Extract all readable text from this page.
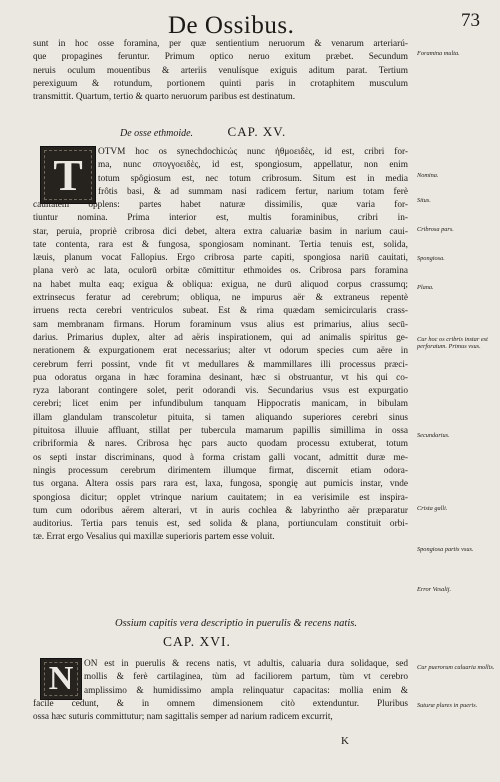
De Ossibus.	73
sunt in hoc osse foramina, per quæ sentientium neruorum & venarum arteriarú-
que propagines feruntur. Primum optico neruo exitum præbet. Secundum
neruis oculum mouentibus & arteriis venulísque exiguis aditum parat. Tertium
perexiguum & rotundum, portionem quinti paris in crotaphitem musculum
transmittit. Quartum, tertio & quarto neruorum paribus est destinatum.
De osse ethmoide.	CAP. XV.
T OTVM hoc os synechdochicώς nunc ἠθμοειδὲς, id est, cribri for-
ma, nunc σπογγοειδὲς, id est, spongiosum, appellatur, non enim
totum spôgiosum est, nec totum cribrosum. Situm est in media
frôtis basi, & ad summam nasi radicem fertur, narium totam ferè
cauitatem opplens: partes habet naturæ dissimilis, quæ varia for-
tiuntur nomina. Prima interior est, multis foraminibus, cribri in-
star, peruia, propriè cribrosa dici debet, altera extra caluariæ basim in narium caui-
tate contenta, rara est & fungosa, spongiosam nominant. Tertia tenuis est, solida,
læuis, planum vocat Fallopius. Ergo cribrosa parte capiti, spongiosa nariū cauitati,
plana verò ac lata, oculorū orbitæ cōmittitur ethmoides os. Cribrosa pars foramina
na habet multa eaq; exigua & obliqua: exigua, ne durū aliquod corpus crassumq;
extrinsecus feratur ad cerebrum; obliqua, ne impurus aër & extraneus repentè
irruens recta cerebri ventriculos subeat. Est & rima quædam semicircularis crass-
sam membranam firmans. Horum foraminum vsus alius est primarius, alius secū-
darius. Primarius duplex, alter ad aëris inspirationem, qui ad animalis spiritus ge-
nerationem & expurgationem erat necessarius; alter vt odorum species cum aëre in
cerebrum ferri possint, vnde fit vt medullares & mammillares illi processus præci-
pua odoratus organa in hæc foramina desinant, hæc si obstruantur, vt his qui co-
ryza laborant contingere solet, perit odorandi vis. Secundarius vsus est expurgatio
cerebri; licet enim per infundibulum tanquam Hippocratis manicam, in bibulam
illam glandulam transcoletur pituita, si tamen aliquando superiores cerebri sinus
pituitosa illuuie affluant, stillat per tubercula mamarum papillis simillima in ossa
cribriformia & nares. Cribrosa hęc pars aucto quodam processu extuberat, totum
os septi instar discriminans, quod à forma cristam galli vocant, admittit duræ me-
ningis processum cerebrum dirimentem illumque firmat, discernit etiam odora-
tus organa. Altera ossis pars rara est, laxa, fungosa, spongię aut pumicis instar, vnde
spongiosa dicitur; opplet vtrinque narium cauitatem; in ea verisimile est inspira-
tum cum odoribus aërem alterari, vt in auris cochlea & labyrintho aër præparatur
auditorius. Tertia pars tenuis est, sed solida & plana, portiunculam constituit orbi-
tæ. Errat ergo Vesalius qui maxillæ superioris partem esse voluit.
Ossium capitis vera descriptio in puerulis & recens natis.
CAP. XVI.
N ON est in puerulis & recens natis, vt adultis, caluaria dura solidaque, sed
mollis & ferè cartilaginea, tùm ad faciliorem partum, tùm vt cerebro
amplissimo & humidissimo ampla relinquatur capacitas: mollia enim &
facile cedunt, & in omnem dimensionem citò extenduntur. Pluribus
ossa hæc suturis committutur; nam sagittalis semper ad narium radicem excurrit,
K
Foramina multa.
Nomina.
Situs.
Cribrosa pars.
Spongiosa.
Plana.
Cur hoc os cribris instar est perforatum. Primus vsus.
Secundarius.
Crista galli.
Spongiosa partis vsus.
Error Vesalij.
Cur puerorum caluaria mollis.
Suturæ plures in pueris.
